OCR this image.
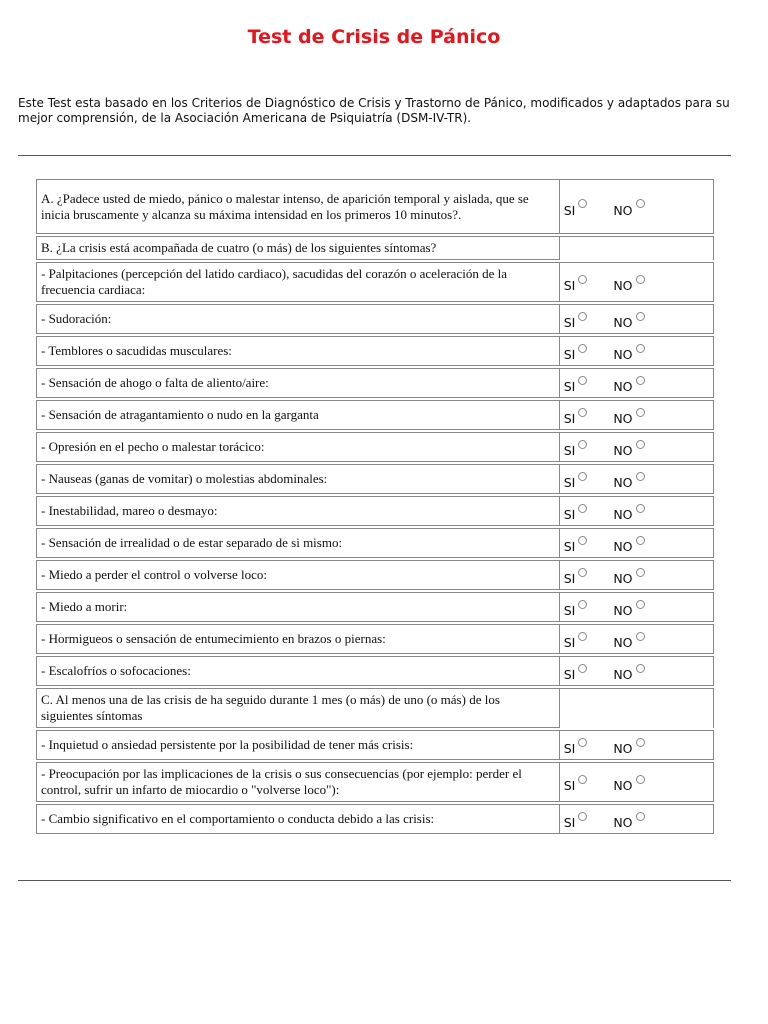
Test de Crisis de Pánico
Este Test esta basado en los Criterios de Diagnóstico de Crisis y Trastorno de Pánico, modificados y adaptados para su mejor comprensión, de la Asociación Americana de Psiquiatría (DSM-IV-TR).
A. ¿Padece usted de miedo, pánico o malestar intenso, de aparición temporal y aislada, que se inicia bruscamente y alcanza su máxima intensidad en los primeros 10 minutos?.	SI NO

B. ¿La crisis está acompañada de cuatro (o más) de los siguientes síntomas?	
- Palpitaciones (percepción del latido cardiaco), sacudidas del corazón o aceleración de la frecuencia cardiaca:	SI NO

- Sudoración:	SI NO

- Temblores o sacudidas musculares:	SI NO

- Sensación de ahogo o falta de aliento/aire:	SI NO

- Sensación de atragantamiento o nudo en la garganta	SI NO

- Opresión en el pecho o malestar torácico:	SI NO

- Nauseas (ganas de vomitar) o molestias abdominales:	SI NO

- Inestabilidad, mareo o desmayo:	SI NO

- Sensación de irrealidad o de estar separado de si mismo:	SI NO

- Miedo a perder el control o volverse loco:	SI NO

- Miedo a morir:	SI NO

- Hormigueos o sensación de entumecimiento en brazos o piernas:	SI NO

- Escalofríos o sofocaciones:	SI NO

C. Al menos una de las crisis de ha seguido durante 1 mes (o más) de uno (o más) de los siguientes síntomas	
- Inquietud o ansiedad persistente por la posibilidad de tener más crisis:	SI NO

- Preocupación por las implicaciones de la crisis o sus consecuencias (por ejemplo: perder el control, sufrir un infarto de miocardio o "volverse loco"):	SI NO

- Cambio significativo en el comportamiento o conducta debido a las crisis:	SI NO
